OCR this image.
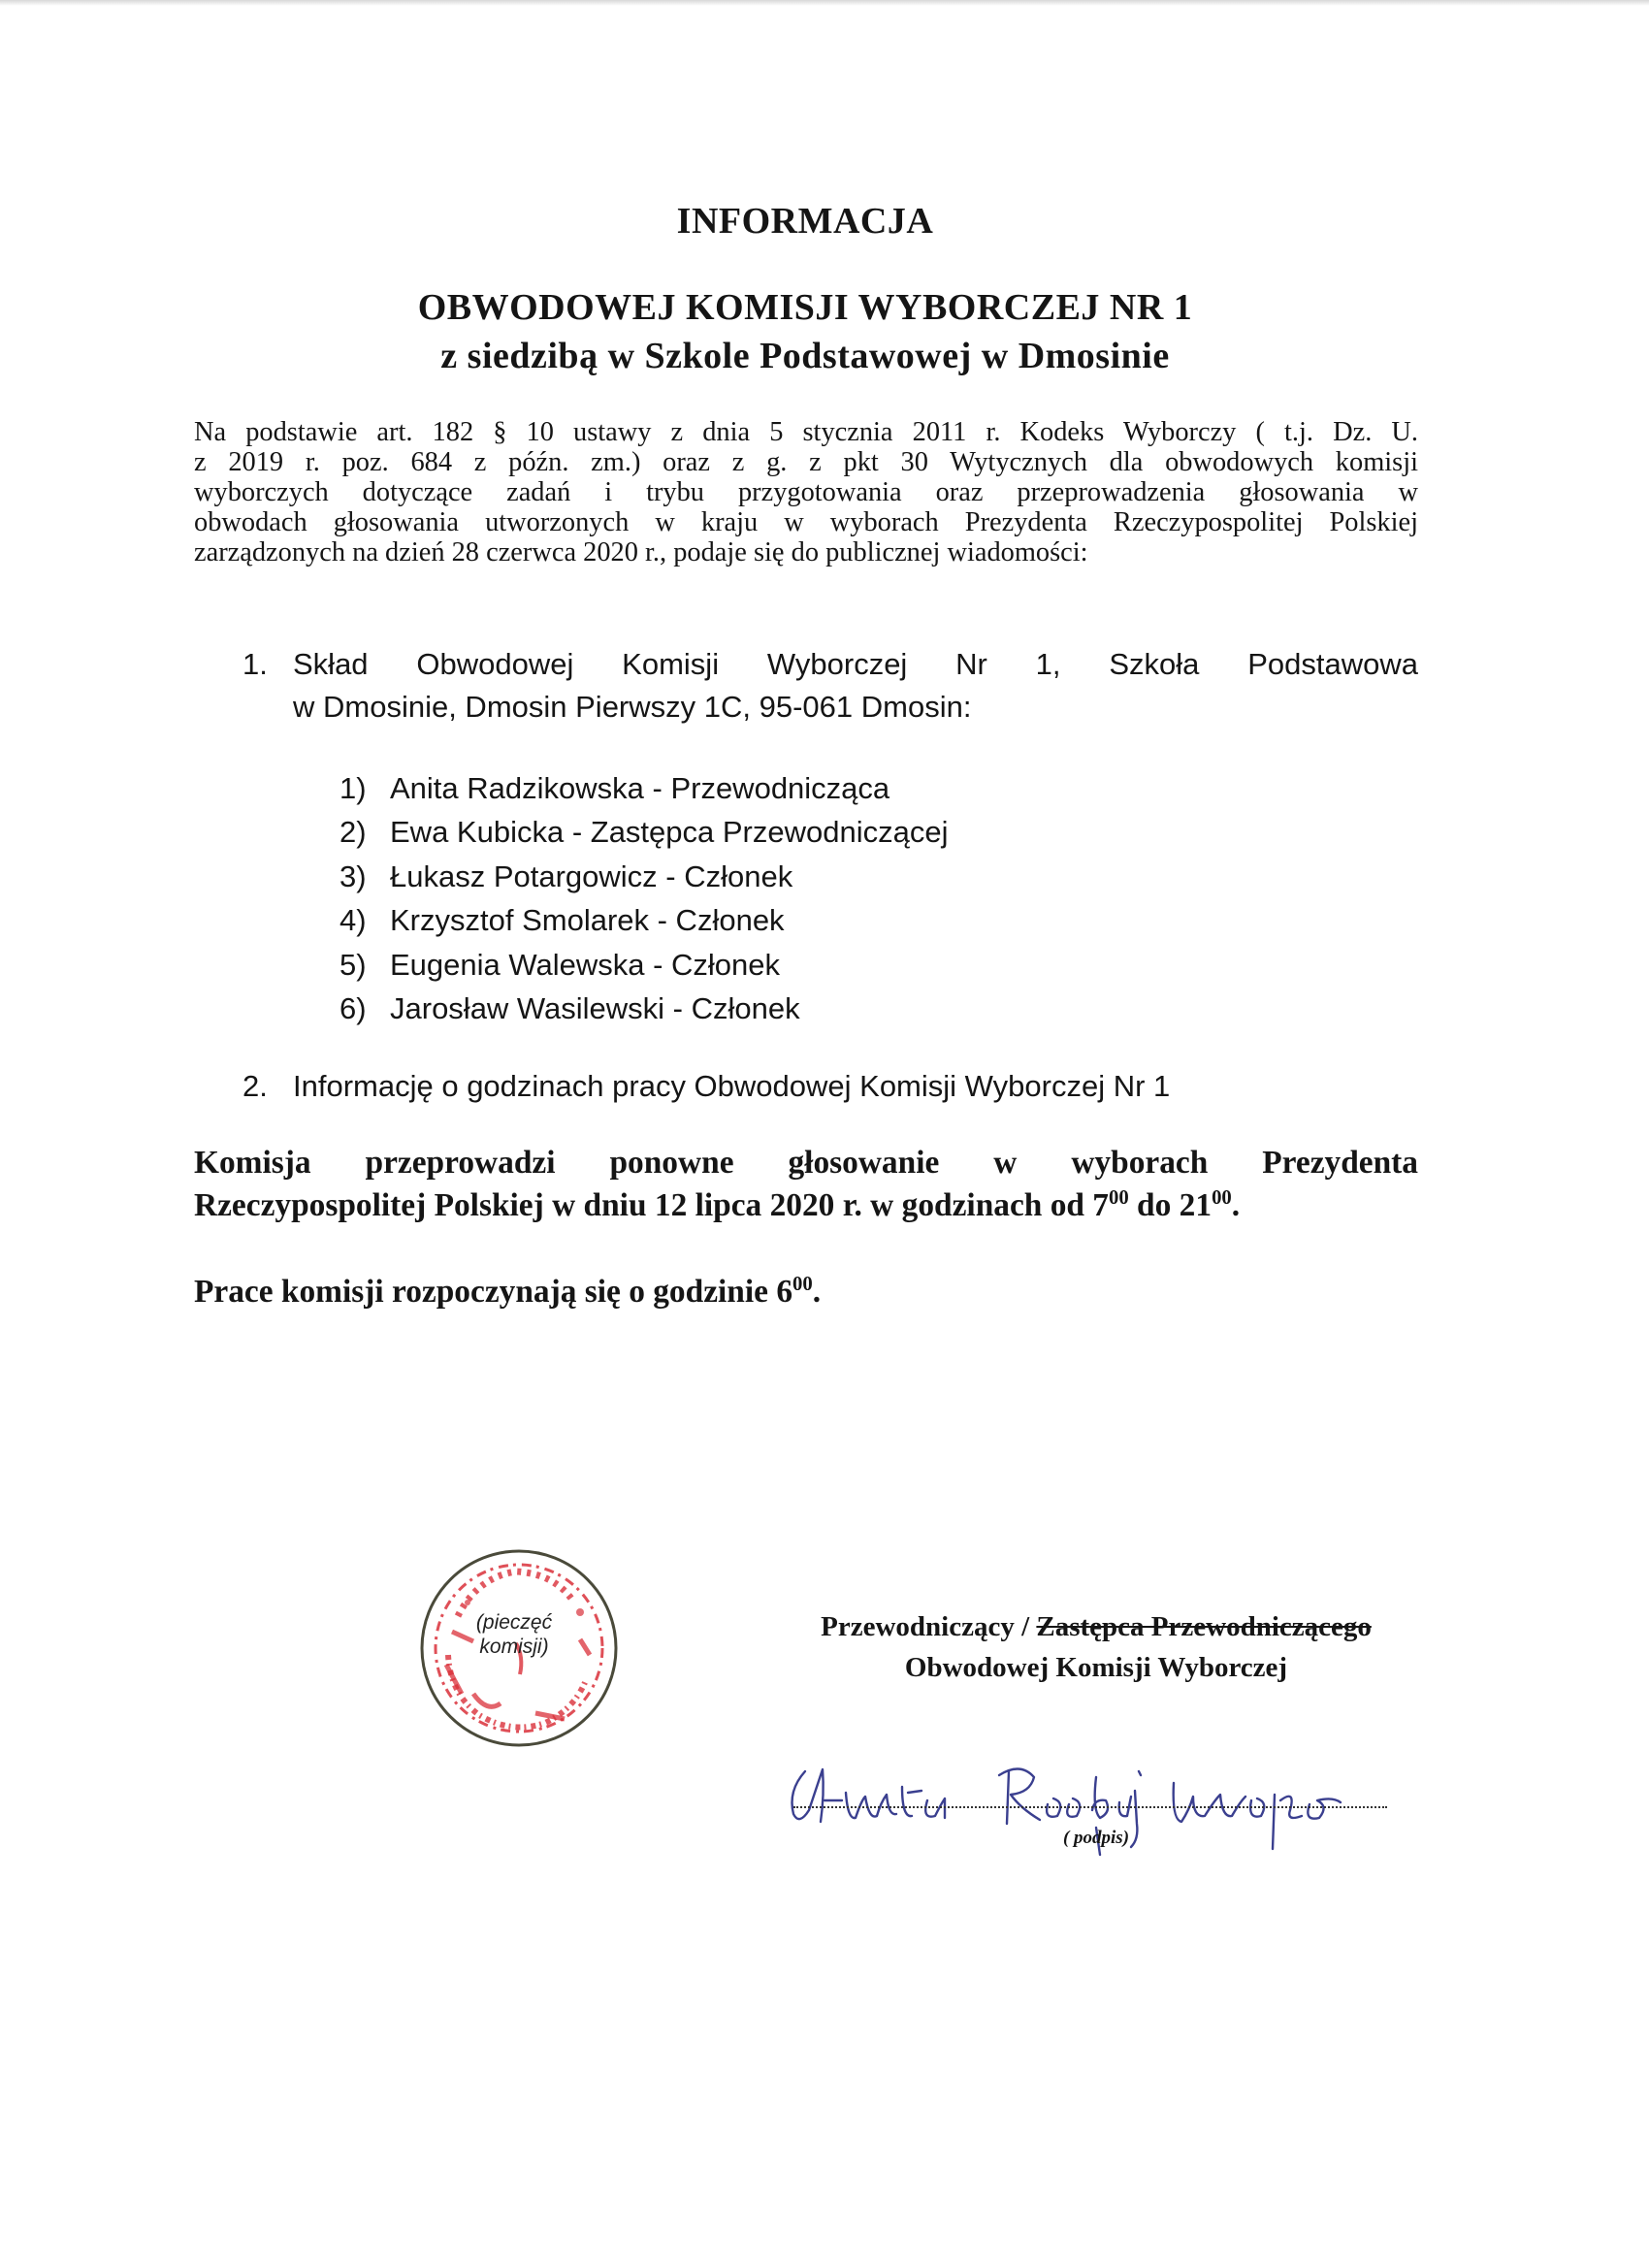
INFORMACJA
OBWODOWEJ KOMISJI WYBORCZEJ NR 1
z siedzibą w Szkole Podstawowej w Dmosinie
Na podstawie art. 182 § 10 ustawy z dnia 5 stycznia 2011 r. Kodeks Wyborczy ( t.j. Dz. U.
z 2019 r. poz. 684 z późn. zm.) oraz z g. z pkt 30 Wytycznych dla obwodowych komisji
wyborczych dotyczące zadań i trybu przygotowania oraz przeprowadzenia głosowania w
obwodach głosowania utworzonych w kraju w wyborach Prezydenta Rzeczypospolitej Polskiej
zarządzonych na dzień 28 czerwca 2020 r., podaje się do publicznej wiadomości:
1. Skład Obwodowej Komisji Wyborczej Nr 1, Szkoła Podstawowa
w Dmosinie, Dmosin Pierwszy 1C, 95-061 Dmosin:
1) Anita Radzikowska - Przewodnicząca
2) Ewa Kubicka - Zastępca Przewodniczącej
3) Łukasz Potargowicz - Członek
4) Krzysztof Smolarek - Członek
5) Eugenia Walewska - Członek
6) Jarosław Wasilewski - Członek
2. Informację o godzinach pracy Obwodowej Komisji Wyborczej Nr 1
Komisja przeprowadzi ponowne głosowanie w wyborach Prezydenta
Rzeczypospolitej Polskiej w dniu 12 lipca 2020 r. w godzinach od $7^{00}$ do $21^{00}$.
Prace komisji rozpoczynają się o godzinie $6^{00}$.
(pieczęć
komisji)
Przewodniczący / Zastępca Przewodniczącego
Obwodowej Komisji Wyborczej
( podpis)
